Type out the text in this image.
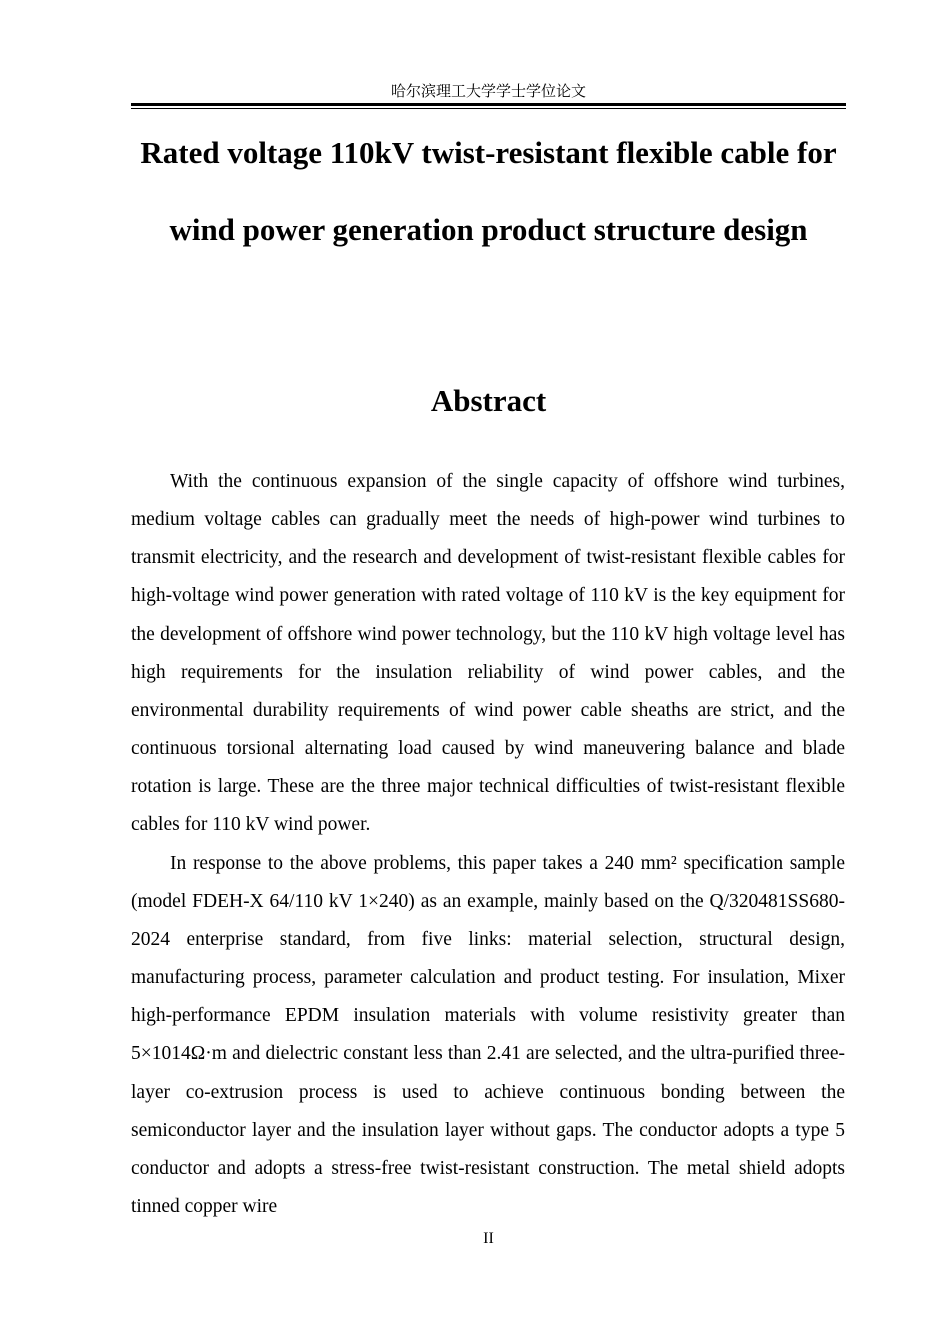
哈尔滨理工大学学士学位论文
Rated voltage 110kV twist-resistant flexible cable for wind power generation product structure design
Abstract

With the continuous expansion of the single capacity of offshore wind turbines, medium voltage cables can gradually meet the needs of high-power wind turbines to transmit electricity, and the research and development of twist-resistant flexible cables for high-voltage wind power generation with rated voltage of 110 kV is the key equipment for the development of offshore wind power technology, but the 110 kV high voltage level has high requirements for the insulation reliability of wind power cables, and the environmental durability requirements of wind power cable sheaths are strict, and the continuous torsional alternating load caused by wind maneuvering balance and blade rotation is large. These are the three major technical difficulties of twist-resistant flexible cables for 110 kV wind power.

In response to the above problems, this paper takes a 240 mm² specification sample (model FDEH-X 64/110 kV 1×240) as an example, mainly based on the Q/320481SS680-2024 enterprise standard, from five links: material selection, structural design, manufacturing process, parameter calculation and product testing. For insulation, Mixer high-performance EPDM insulation materials with volume resistivity greater than 5×1014Ω·m and dielectric constant less than 2.41 are selected, and the ultra-purified three-layer co-extrusion process is used to achieve continuous bonding between the semiconductor layer and the insulation layer without gaps. The conductor adopts a type 5 conductor and adopts a stress-free twist-resistant construction. The metal shield adopts tinned copper wire

II
